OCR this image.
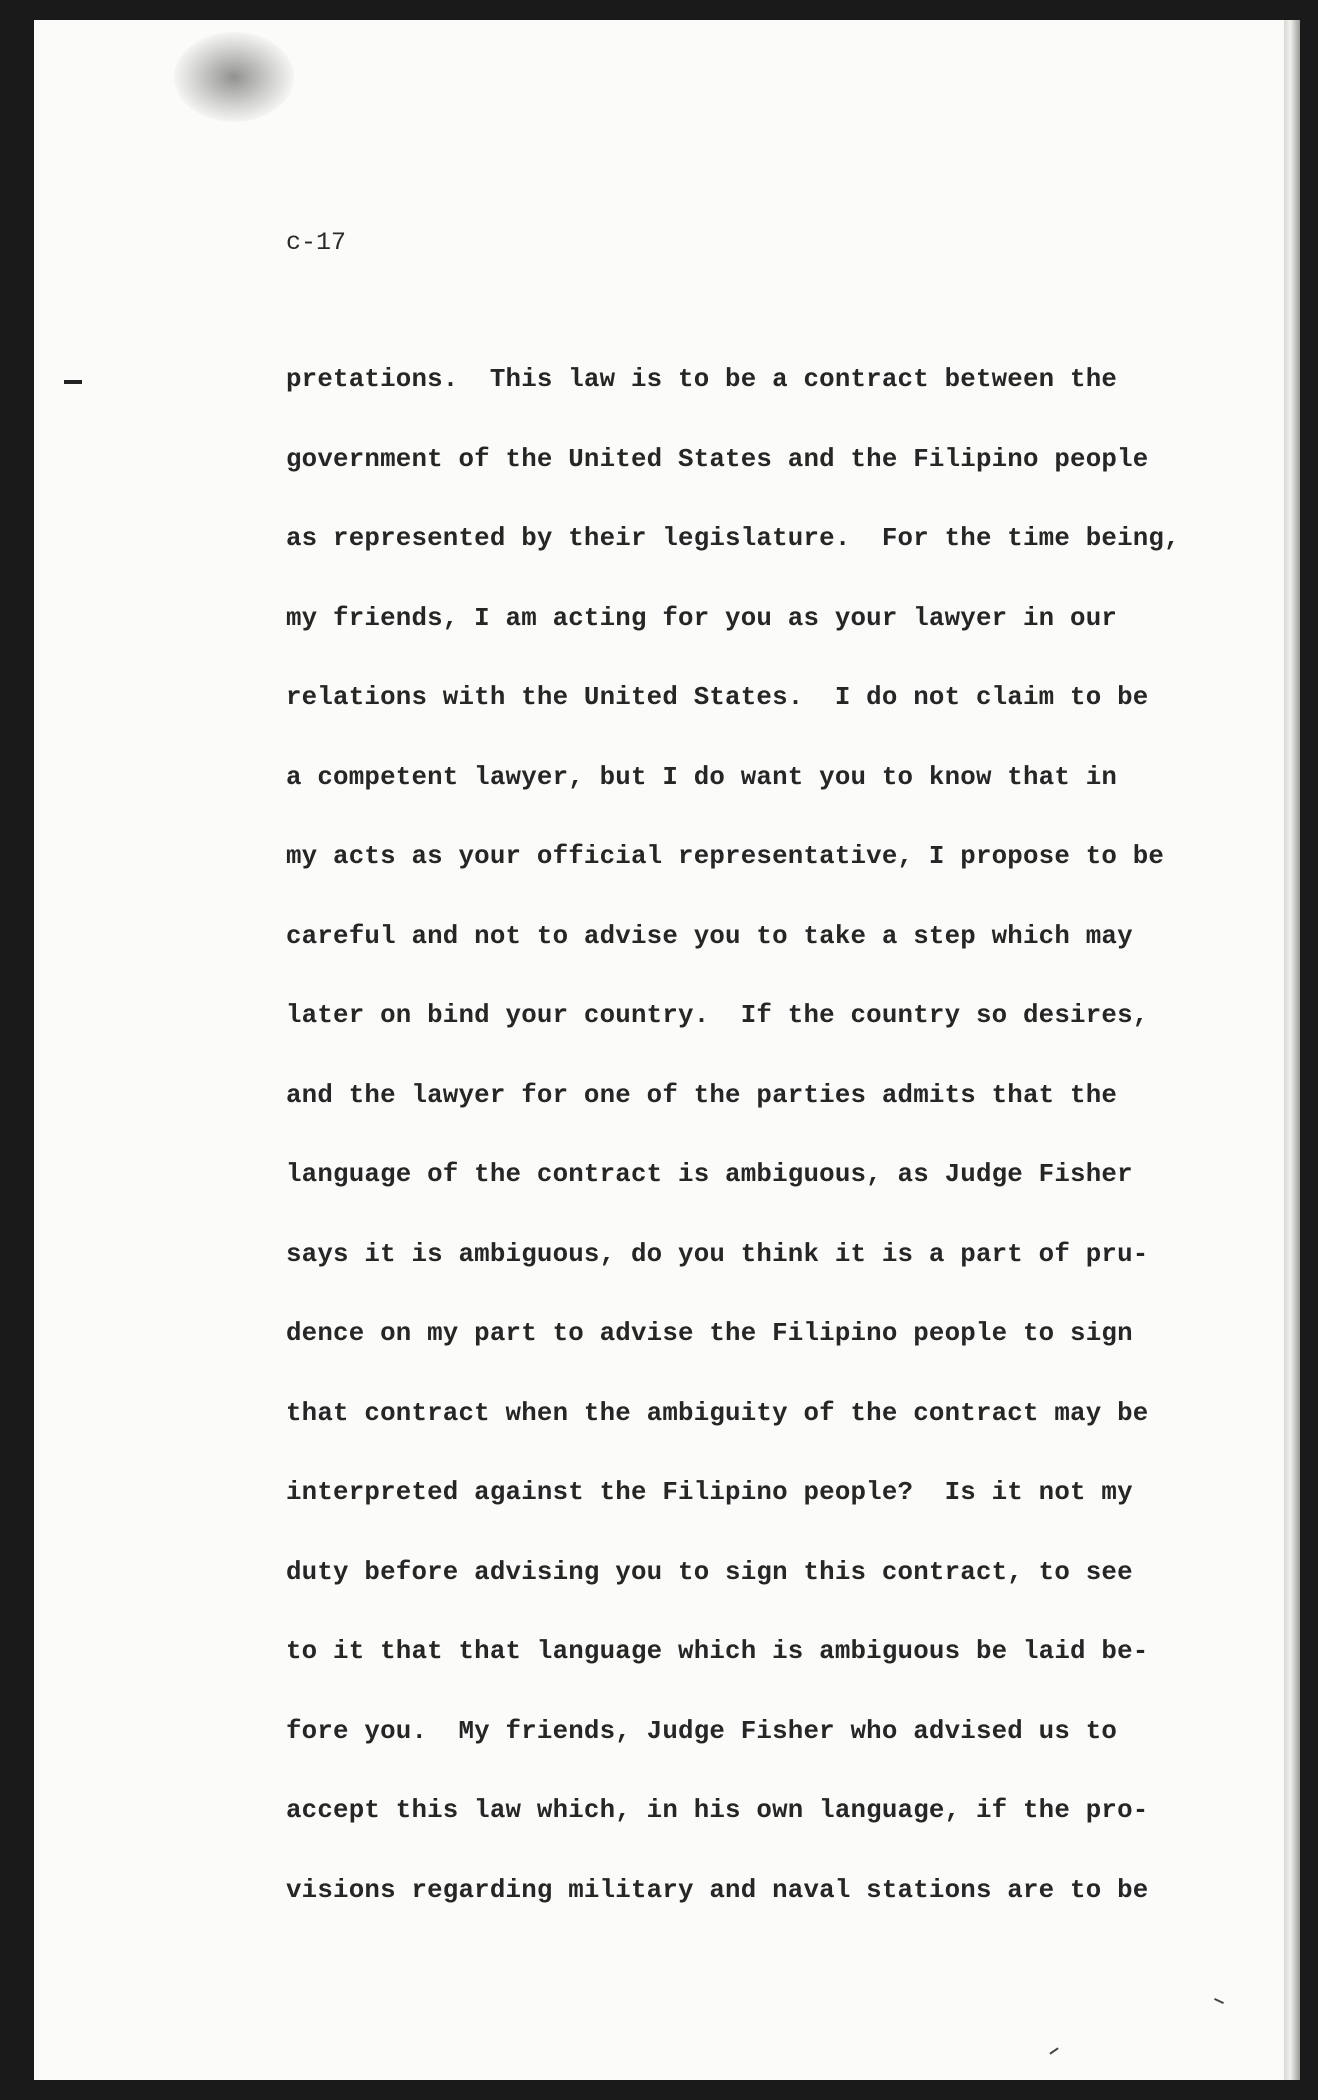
c-17

pretations.  This law is to be a contract between the
government of the United States and the Filipino people
as represented by their legislature.  For the time being,
my friends, I am acting for you as your lawyer in our
relations with the United States.  I do not claim to be
a competent lawyer, but I do want you to know that in
my acts as your official representative, I propose to be
careful and not to advise you to take a step which may
later on bind your country.  If the country so desires,
and the lawyer for one of the parties admits that the
language of the contract is ambiguous, as Judge Fisher
says it is ambiguous, do you think it is a part of pru-
dence on my part to advise the Filipino people to sign
that contract when the ambiguity of the contract may be
interpreted against the Filipino people?  Is it not my
duty before advising you to sign this contract, to see
to it that that language which is ambiguous be laid be-
fore you.  My friends, Judge Fisher who advised us to
accept this law which, in his own language, if the pro-
visions regarding military and naval stations are to be
